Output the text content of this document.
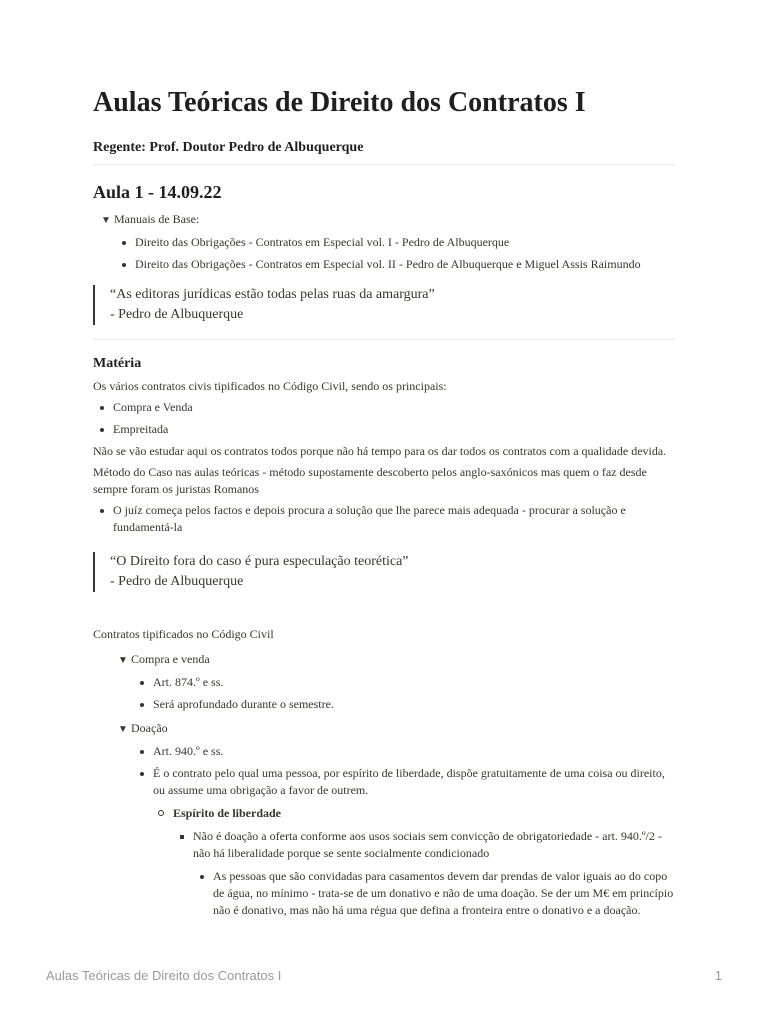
Aulas Teóricas de Direito dos Contratos I

Regente: Prof. Doutor Pedro de Albuquerque

Aula 1 - 14.09.22
▼ Manuais de Base:
Direito das Obrigações - Contratos em Especial vol. I - Pedro de Albuquerque
Direito das Obrigações - Contratos em Especial vol. II - Pedro de Albuquerque e Miguel Assis Raimundo
“As editoras jurídicas estão todas pelas ruas da amargura”
- Pedro de Albuquerque
Matéria

Os vários contratos civis tipificados no Código Civil, sendo os principais:

Compra e Venda
Empreitada

Não se vão estudar aqui os contratos todos porque não há tempo para os dar todos os contratos com a qualidade devida.

Método do Caso nas aulas teóricas - método supostamente descoberto pelos anglo-saxónicos mas quem o faz desde sempre foram os juristas Romanos

O juíz começa pelos factos e depois procura a solução que lhe parece mais adequada - procurar a solução e fundamentá-la
“O Direito fora do caso é pura especulação teorética”
- Pedro de Albuquerque

Contratos tipificados no Código Civil

▼ Compra e venda
Art. 874.º e ss.
Será aprofundado durante o semestre.
▼ Doação
Art. 940.º e ss.
É o contrato pelo qual uma pessoa, por espírito de liberdade, dispõe gratuitamente de uma coisa ou direito, ou assume uma obrigação a favor de outrem.
Espírito de liberdade
Não é doação a oferta conforme aos usos sociais sem convicção de obrigatoriedade - art. 940.º/2 - não há liberalidade porque se sente socialmente condicionado
As pessoas que são convidadas para casamentos devem dar prendas de valor iguais ao do copo de água, no mínimo - trata-se de um donativo e não de uma doação. Se der um M€ em princípio não é donativo, mas não há uma régua que defina a fronteira entre o donativo e a doação.
Aulas Teóricas de Direito dos Contratos I	1
